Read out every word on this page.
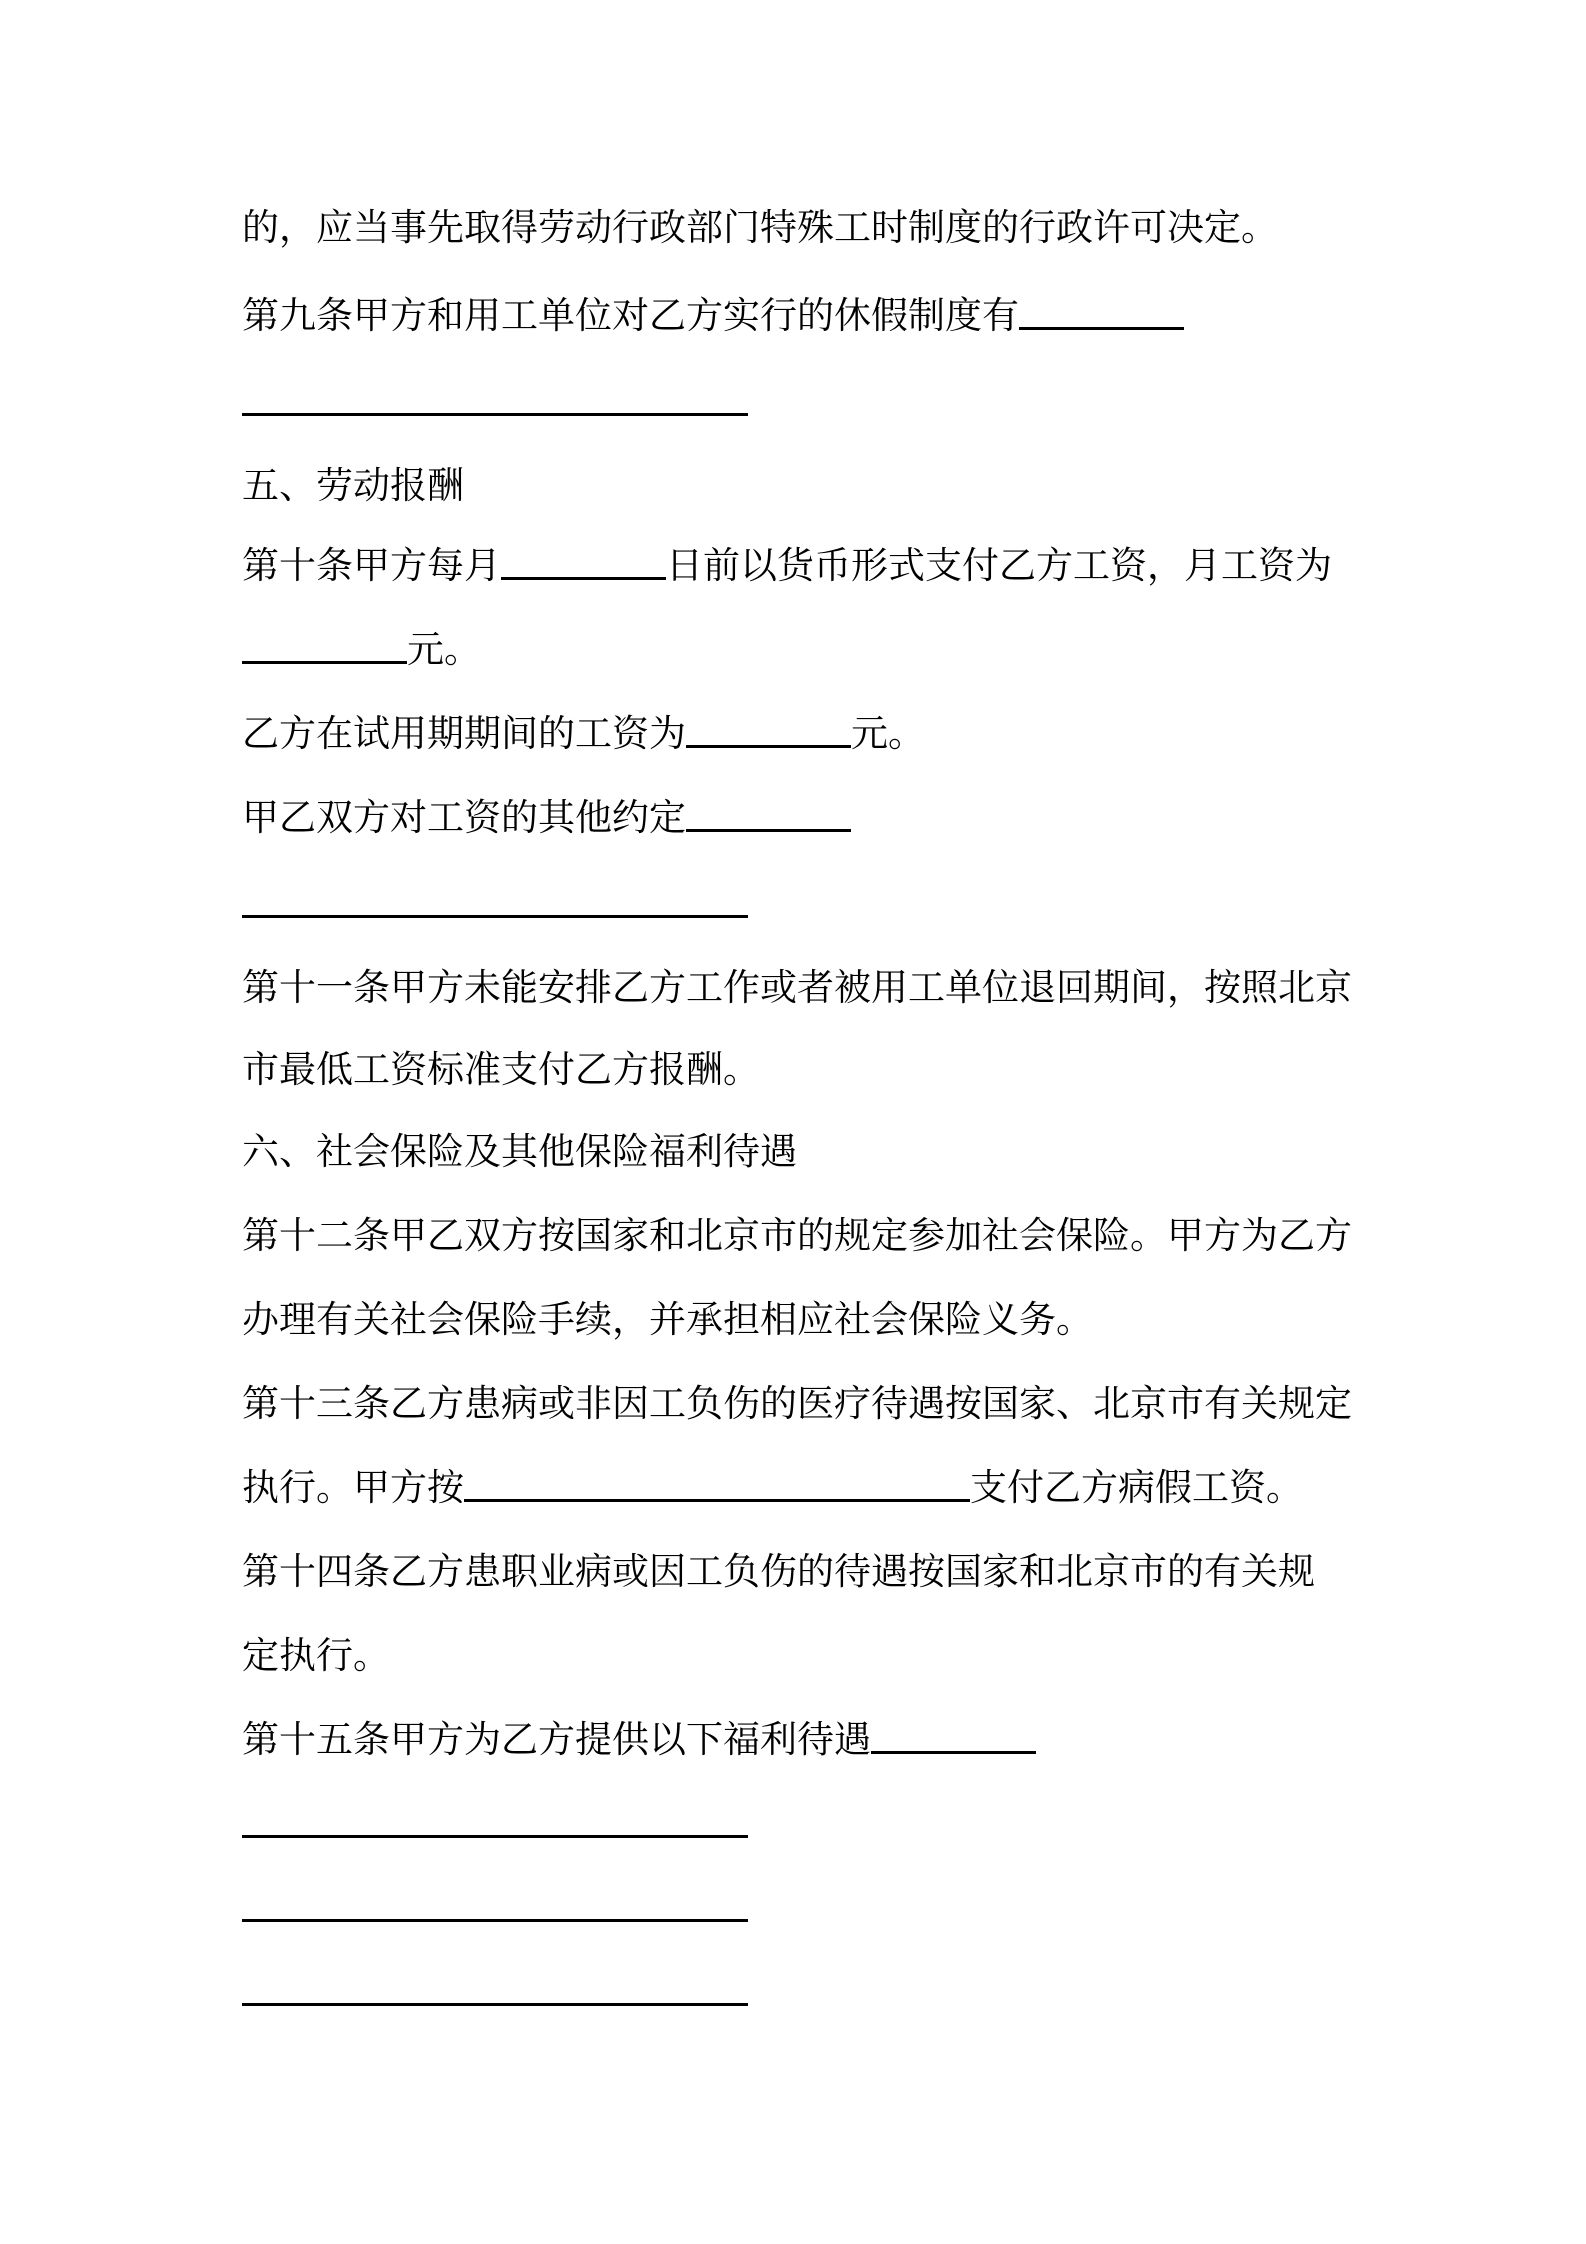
的，应当事先取得劳动行政部门特殊工时制度的行政许可决定。
第九条甲方和用工单位对乙方实行的休假制度有
五、劳动报酬
第十条甲方每月	日前以货币形式支付乙方工资，月工资为
元。
乙方在试用期期间的工资为	元。
甲乙双方对工资的其他约定
第十一条甲方未能安排乙方工作或者被用工单位退回期间，按照北京
市最低工资标准支付乙方报酬。
六、社会保险及其他保险福利待遇
第十二条甲乙双方按国家和北京市的规定参加社会保险。甲方为乙方
办理有关社会保险手续，并承担相应社会保险义务。
第十三条乙方患病或非因工负伤的医疗待遇按国家、北京市有关规定
执行。甲方按	支付乙方病假工资。
第十四条乙方患职业病或因工负伤的待遇按国家和北京市的有关规
定执行。
第十五条甲方为乙方提供以下福利待遇
